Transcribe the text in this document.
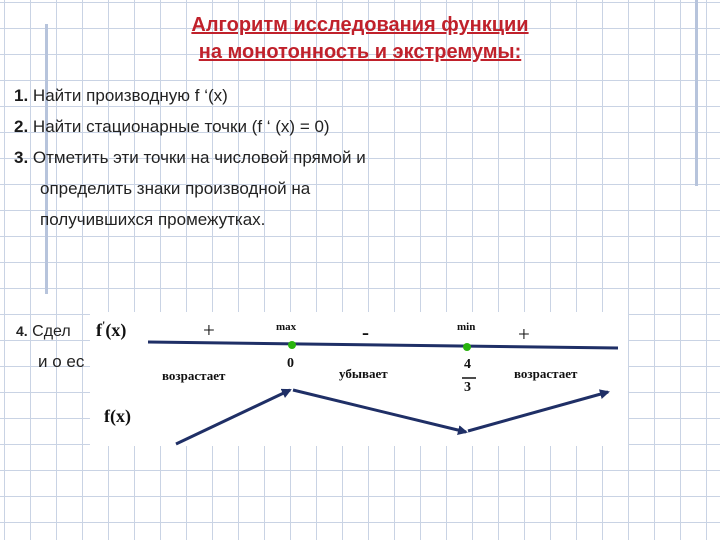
Алгоритм исследования функции
на монотонность и экстремумы:
1. Найти производную f ‘(x)
2. Найти стационарные точки (f ‘ (x) = 0)
3. Отметить эти точки на числовой прямой и
определить знаки производной на
получившихся промежутках.
4. Сдел
и о ес
f'(x)
f(x)
+	-	+
max	min
0	4
3
возрастает	убывает	возрастает
